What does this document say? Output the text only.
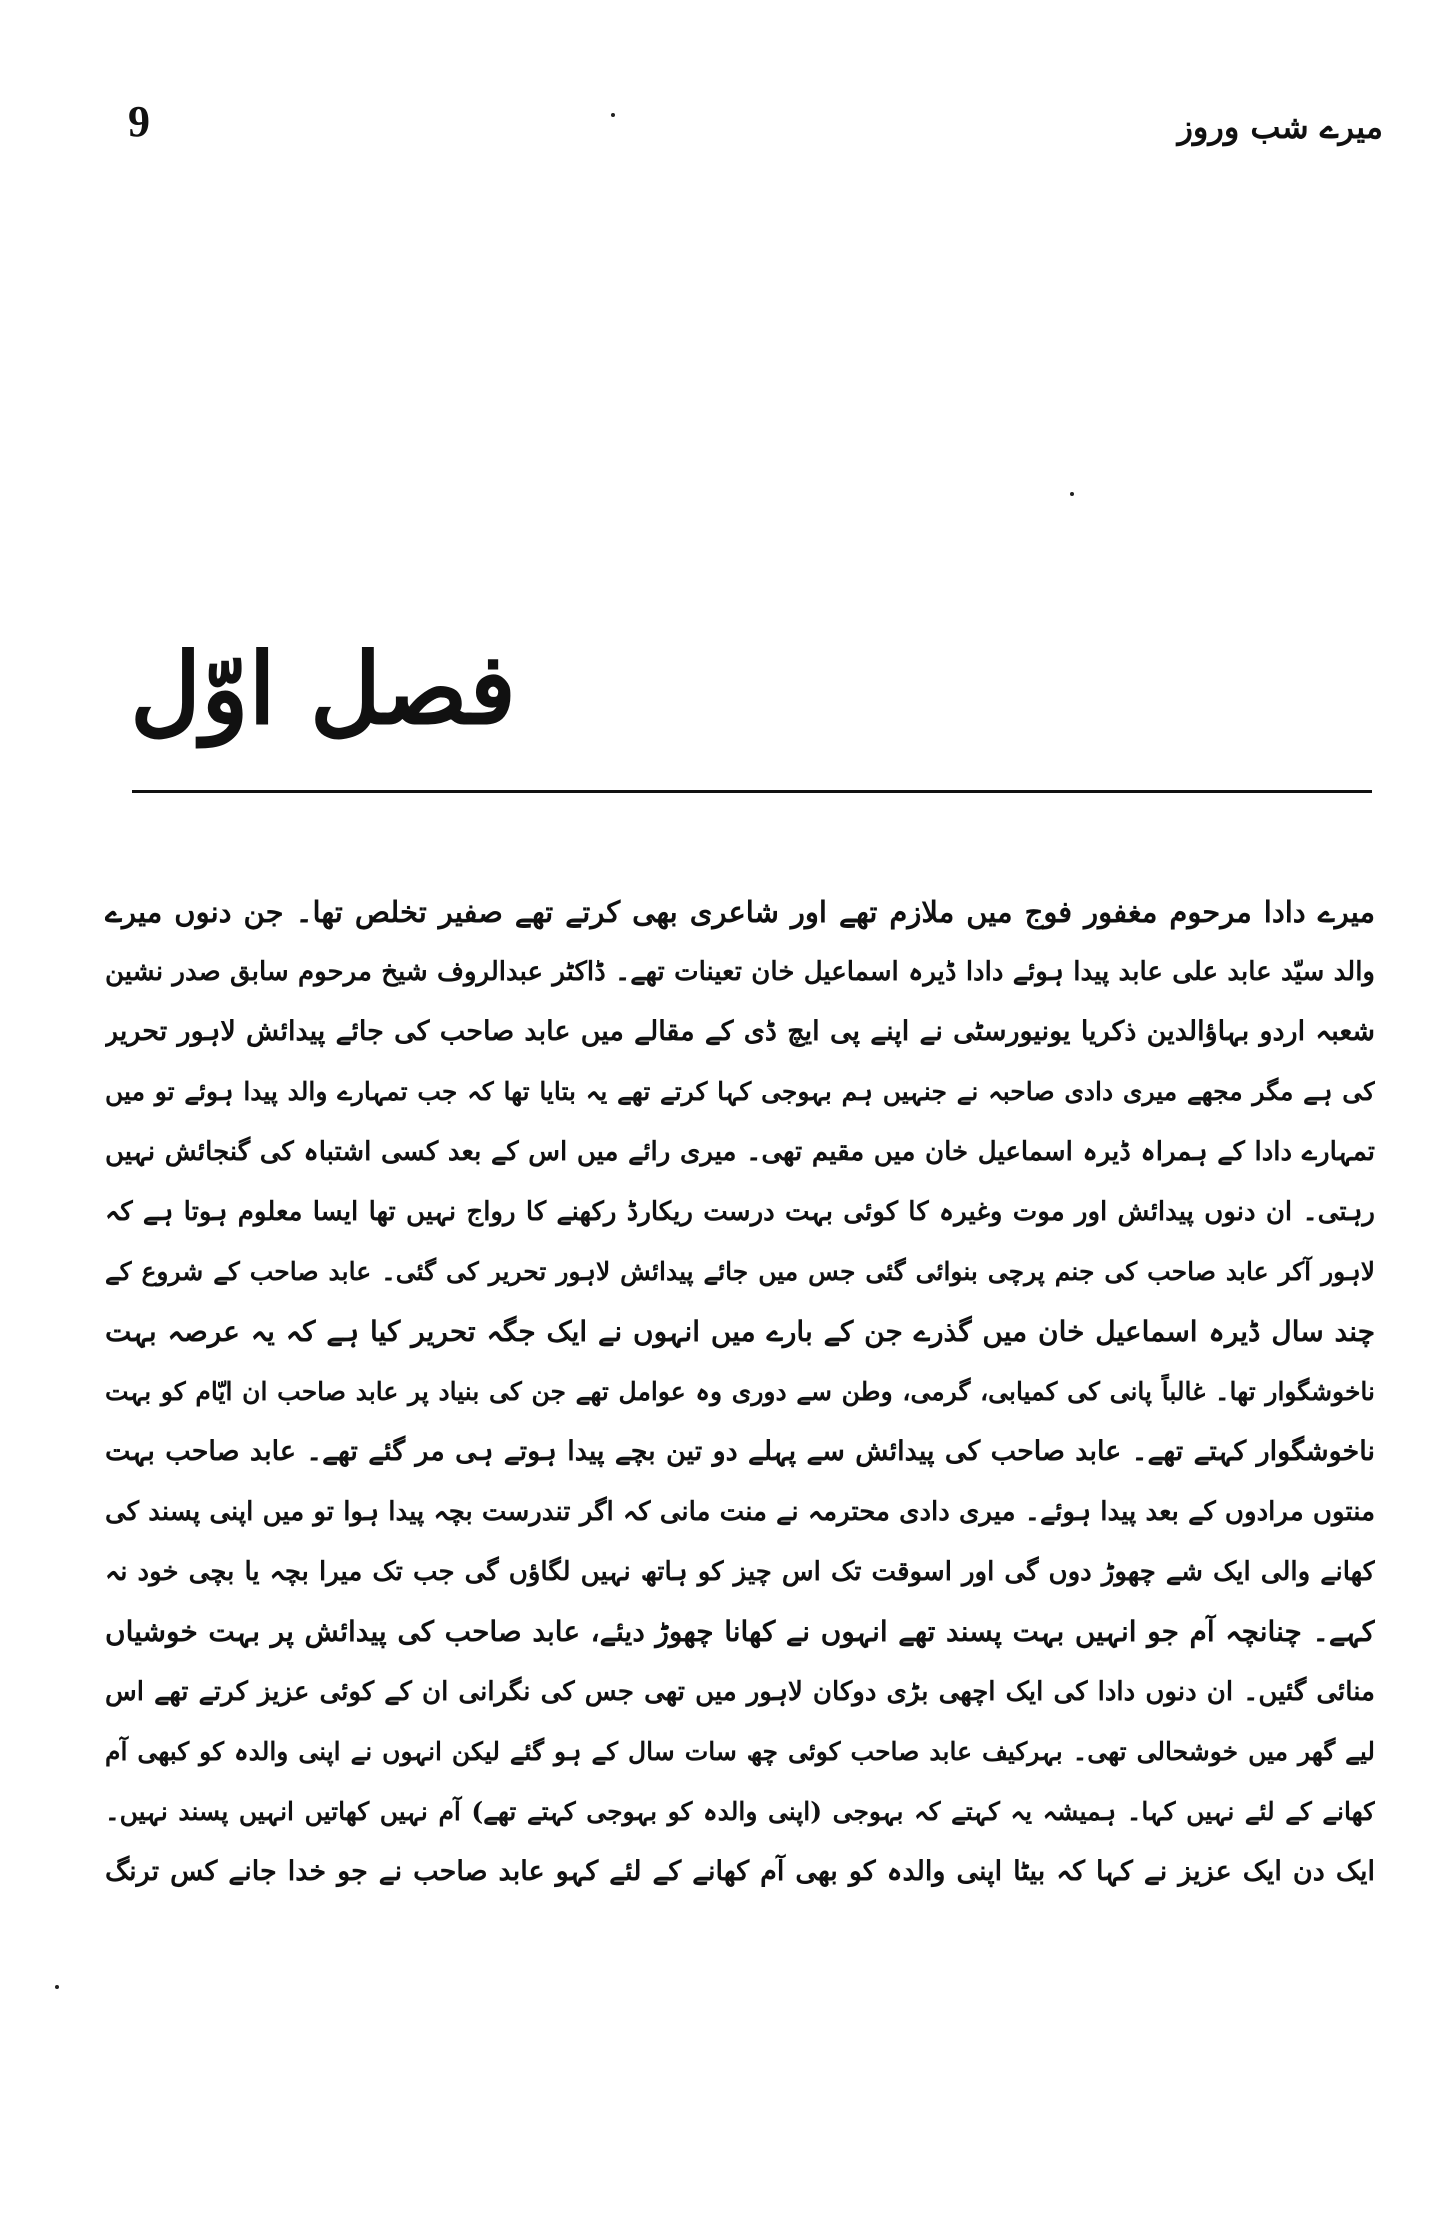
9	میرے شب وروز
فصل اوّل
میرے دادا مرحوم مغفور فوج میں ملازم تھے اور شاعری بھی کرتے تھے صفیر تخلص تھا۔ جن دنوں میرے
والد سیّد عابد علی عابد پیدا ہوئے دادا ڈیرہ اسماعیل خان تعینات تھے۔ ڈاکٹر عبدالروف شیخ مرحوم سابق صدر نشین
شعبہ اردو بہاؤالدین ذکریا یونیورسٹی نے اپنے پی ایچ ڈی کے مقالے میں عابد صاحب کی جائے پیدائش لاہور تحریر
کی ہے مگر مجھے میری دادی صاحبہ نے جنہیں ہم بہوجی کہا کرتے تھے یہ بتایا تھا کہ جب تمہارے والد پیدا ہوئے تو میں
تمہارے دادا کے ہمراہ ڈیرہ اسماعیل خان میں مقیم تھی۔ میری رائے میں اس کے بعد کسی اشتباہ کی گنجائش نہیں
رہتی۔ ان دنوں پیدائش اور موت وغیرہ کا کوئی بہت درست ریکارڈ رکھنے کا رواج نہیں تھا ایسا معلوم ہوتا ہے کہ
لاہور آکر عابد صاحب کی جنم پرچی بنوائی گئی جس میں جائے پیدائش لاہور تحریر کی گئی۔ عابد صاحب کے شروع کے
چند سال ڈیرہ اسماعیل خان میں گذرے جن کے بارے میں انہوں نے ایک جگہ تحریر کیا ہے کہ یہ عرصہ بہت
ناخوشگوار تھا۔ غالباً پانی کی کمیابی، گرمی، وطن سے دوری وہ عوامل تھے جن کی بنیاد پر عابد صاحب ان ایّام کو بہت
ناخوشگوار کہتے تھے۔ عابد صاحب کی پیدائش سے پہلے دو تین بچے پیدا ہوتے ہی مر گئے تھے۔ عابد صاحب بہت
منتوں مرادوں کے بعد پیدا ہوئے۔ میری دادی محترمہ نے منت مانی کہ اگر تندرست بچہ پیدا ہوا تو میں اپنی پسند کی
کھانے والی ایک شے چھوڑ دوں گی اور اسوقت تک اس چیز کو ہاتھ نہیں لگاؤں گی جب تک میرا بچہ یا بچی خود نہ
کہے۔ چنانچہ آم جو انہیں بہت پسند تھے انہوں نے کھانا چھوڑ دیئے، عابد صاحب کی پیدائش پر بہت خوشیاں
منائی گئیں۔ ان دنوں دادا کی ایک اچھی بڑی دوکان لاہور میں تھی جس کی نگرانی ان کے کوئی عزیز کرتے تھے اس
لیے گھر میں خوشحالی تھی۔ بہرکیف عابد صاحب کوئی چھ سات سال کے ہو گئے لیکن انہوں نے اپنی والدہ کو کبھی آم
کھانے کے لئے نہیں کہا۔ ہمیشہ یہ کہتے کہ بہوجی (اپنی والدہ کو بہوجی کہتے تھے) آم نہیں کھاتیں انہیں پسند نہیں۔
ایک دن ایک عزیز نے کہا کہ بیٹا اپنی والدہ کو بھی آم کھانے کے لئے کہو عابد صاحب نے جو خدا جانے کس ترنگ
